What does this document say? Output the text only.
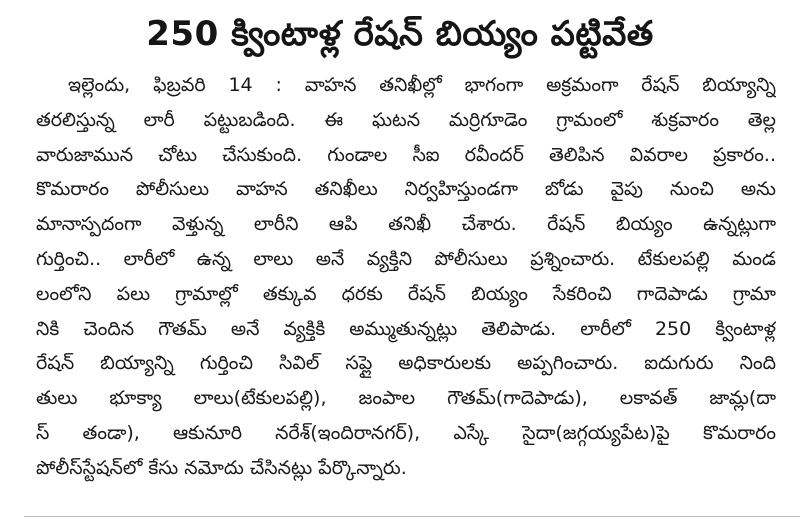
250 క్వింటాళ్ల రేషన్ బియ్యం పట్టివేత
ఇల్లెందు, ఫిబ్రవరి 14 : వాహన తనిఖీల్లో భాగంగా అక్రమంగా రేషన్ బియ్యాన్ని
తరలిస్తున్న లారీ పట్టుబడింది. ఈ ఘటన మర్రిగూడెం గ్రామంలో శుక్రవారం తెల్ల
వారుజామున చోటు చేసుకుంది. గుండాల సీఐ రవీందర్ తెలిపిన వివరాల ప్రకారం..
కొమరారం పోలీసులు వాహన తనిఖీలు నిర్వహిస్తుండగా బోడు వైపు నుంచి అను
మానాస్పదంగా వెళ్తున్న లారీని ఆపి తనిఖీ చేశారు. రేషన్ బియ్యం ఉన్నట్లుగా
గుర్తించి.. లారీలో ఉన్న లాలు అనే వ్యక్తిని పోలీసులు ప్రశ్నించారు. టేకులపల్లి మండ
లంలోని పలు గ్రామాల్లో తక్కువ ధరకు రేషన్ బియ్యం సేకరించి గాదెపాడు గ్రామా
నికి చెందిన గౌతమ్ అనే వ్యక్తికి అమ్ముతున్నట్లు తెలిపాడు. లారీలో 250 క్వింటాళ్ల
రేషన్ బియ్యాన్ని గుర్తించి సివిల్ సప్లై అధికారులకు అప్పగించారు. ఐదుగురు నింది
తులు భూక్యా లాలు(టేకులపల్లి), జంపాల గౌతమ్(గాదెపాడు), లకావత్ జామ్ల(దా
స్ తండా), ఆకునూరి నరేశ్(ఇందిరానగర్), ఎస్కే సైదా(జగ్గయ్యపేట)పై కొమరారం
పోలీస్‌స్టేషన్‌లో కేసు నమోదు చేసినట్లు పేర్కొన్నారు.
